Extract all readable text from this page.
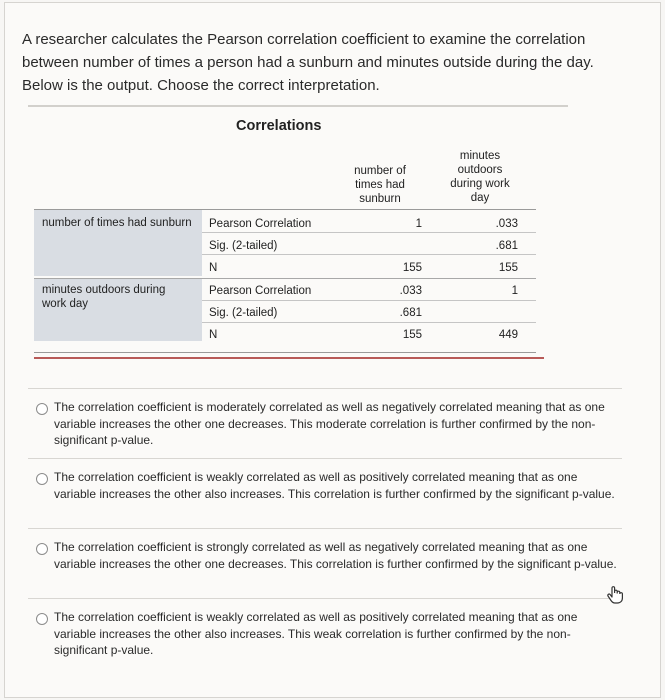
A researcher calculates the Pearson correlation coefficient to examine the correlation between number of times a person had a sunburn and minutes outside during the day. Below is the output. Choose the correct interpretation.
Correlations
number of times had sunburn
minutes outdoors during work day
number of times had sunburn Pearson Correlation
Sig. (2-tailed)
N
1
155
.033
.681
155
minutes outdoors during work day
Pearson Correlation
Sig. (2-tailed)
N
.033
.681
155
1
449
The correlation coefficient is moderately correlated as well as negatively correlated meaning that as one variable increases the other one decreases. This moderate correlation is further confirmed by the non-significant p-value.
The correlation coefficient is weakly correlated as well as positively correlated meaning that as one variable increases the other also increases. This correlation is further confirmed by the significant p-value.
The correlation coefficient is strongly correlated as well as negatively correlated meaning that as one variable increases the other one decreases. This correlation is further confirmed by the significant p-value.
The correlation coefficient is weakly correlated as well as positively correlated meaning that as one variable increases the other also increases. This weak correlation is further confirmed by the non-significant p-value.
